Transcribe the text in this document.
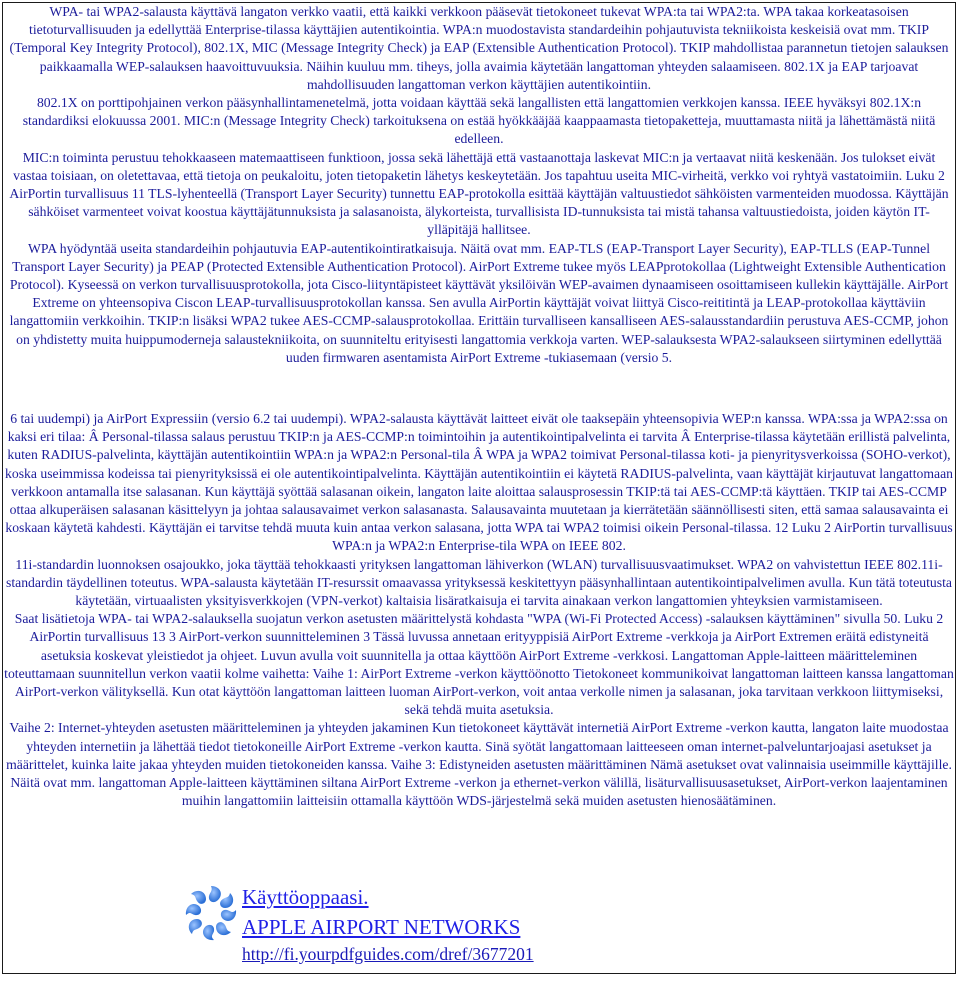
WPA- tai WPA2-salausta käyttävä langaton verkko vaatii, että kaikki verkkoon pääsevät tietokoneet tukevat WPA:ta tai WPA2:ta. WPA takaa korkeatasoisen tietoturvallisuuden ja edellyttää Enterprise-tilassa käyttäjien autentikointia. WPA:n muodostavista standardeihin pohjautuvista tekniikoista keskeisiä ovat mm. TKIP (Temporal Key Integrity Protocol), 802.1X, MIC (Message Integrity Check) ja EAP (Extensible Authentication Protocol). TKIP mahdollistaa parannetun tietojen salauksen paikkaamalla WEP-salauksen haavoittuvuuksia. Näihin kuuluu mm. tiheys, jolla avaimia käytetään langattoman yhteyden salaamiseen. 802.1X ja EAP tarjoavat mahdollisuuden langattoman verkon käyttäjien autentikointiin.

802.1X on porttipohjainen verkon pääsynhallintamenetelmä, jotta voidaan käyttää sekä langallisten että langattomien verkkojen kanssa. IEEE hyväksyi 802.1X:n standardiksi elokuussa 2001. MIC:n (Message Integrity Check) tarkoituksena on estää hyökkääjää kaappaamasta tietopaketteja, muuttamasta niitä ja lähettämästä niitä edelleen.

MIC:n toiminta perustuu tehokkaaseen matemaattiseen funktioon, jossa sekä lähettäjä että vastaanottaja laskevat MIC:n ja vertaavat niitä keskenään. Jos tulokset eivät vastaa toisiaan, on oletettavaa, että tietoja on peukaloitu, joten tietopaketin lähetys keskeytetään. Jos tapahtuu useita MIC-virheitä, verkko voi ryhtyä vastatoimiin. Luku 2 AirPortin turvallisuus 11 TLS-lyhenteellä (Transport Layer Security) tunnettu EAP-protokolla esittää käyttäjän valtuustiedot sähköisten varmenteiden muodossa. Käyttäjän sähköiset varmenteet voivat koostua käyttäjätunnuksista ja salasanoista, älykorteista, turvallisista ID-tunnuksista tai mistä tahansa valtuustiedoista, joiden käytön IT-ylläpitäjä hallitsee.

WPA hyödyntää useita standardeihin pohjautuvia EAP-autentikointiratkaisuja. Näitä ovat mm. EAP-TLS (EAP-Transport Layer Security), EAP-TLLS (EAP-Tunnel Transport Layer Security) ja PEAP (Protected Extensible Authentication Protocol). AirPort Extreme tukee myös LEAPprotokollaa (Lightweight Extensible Authentication Protocol). Kyseessä on verkon turvallisuusprotokolla, jota Cisco-liityntäpisteet käyttävät yksilöivän WEP-avaimen dynaamiseen osoittamiseen kullekin käyttäjälle. AirPort Extreme on yhteensopiva Ciscon LEAP-turvallisuusprotokollan kanssa. Sen avulla AirPortin käyttäjät voivat liittyä Cisco-reititintä ja LEAP-protokollaa käyttäviin langattomiin verkkoihin. TKIP:n lisäksi WPA2 tukee AES-CCMP-salausprotokollaa. Erittäin turvalliseen kansalliseen AES-salausstandardiin perustuva AES-CCMP, johon on yhdistetty muita huippumoderneja salaustekniikoita, on suunniteltu erityisesti langattomia verkkoja varten. WEP-salauksesta WPA2-salaukseen siirtyminen edellyttää uuden firmwaren asentamista AirPort Extreme -tukiasemaan (versio 5.

6 tai uudempi) ja AirPort Expressiin (versio 6.2 tai uudempi). WPA2-salausta käyttävät laitteet eivät ole taaksepäin yhteensopivia WEP:n kanssa. WPA:ssa ja WPA2:ssa on kaksi eri tilaa: Â Personal-tilassa salaus perustuu TKIP:n ja AES-CCMP:n toimintoihin ja autentikointipalvelinta ei tarvita Â Enterprise-tilassa käytetään erillistä palvelinta, kuten RADIUS-palvelinta, käyttäjän autentikointiin WPA:n ja WPA2:n Personal-tila Â WPA ja WPA2 toimivat Personal-tilassa koti- ja pienyritysverkoissa (SOHO-verkot), koska useimmissa kodeissa tai pienyrityksissä ei ole autentikointipalvelinta. Käyttäjän autentikointiin ei käytetä RADIUS-palvelinta, vaan käyttäjät kirjautuvat langattomaan verkkoon antamalla itse salasanan. Kun käyttäjä syöttää salasanan oikein, langaton laite aloittaa salausprosessin TKIP:tä tai AES-CCMP:tä käyttäen. TKIP tai AES-CCMP ottaa alkuperäisen salasanan käsittelyyn ja johtaa salausavaimet verkon salasanasta. Salausavainta muutetaan ja kierrätetään säännöllisesti siten, että samaa salausavainta ei koskaan käytetä kahdesti. Käyttäjän ei tarvitse tehdä muuta kuin antaa verkon salasana, jotta WPA tai WPA2 toimisi oikein Personal-tilassa. 12 Luku 2 AirPortin turvallisuus WPA:n ja WPA2:n Enterprise-tila WPA on IEEE 802.

11i-standardin luonnoksen osajoukko, joka täyttää tehokkaasti yrityksen langattoman lähiverkon (WLAN) turvallisuusvaatimukset. WPA2 on vahvistettun IEEE 802.11i-standardin täydellinen toteutus. WPA-salausta käytetään IT-resurssit omaavassa yrityksessä keskitettyyn pääsynhallintaan autentikointipalvelimen avulla. Kun tätä toteutusta käytetään, virtuaalisten yksityisverkkojen (VPN-verkot) kaltaisia lisäratkaisuja ei tarvita ainakaan verkon langattomien yhteyksien varmistamiseen.

Saat lisätietoja WPA- tai WPA2-salauksella suojatun verkon asetusten määrittelystä kohdasta "WPA (Wi-Fi Protected Access) -salauksen käyttäminen" sivulla 50. Luku 2 AirPortin turvallisuus 13 3 AirPort-verkon suunnitteleminen 3 Tässä luvussa annetaan erityyppisiä AirPort Extreme -verkkoja ja AirPort Extremen eräitä edistyneitä asetuksia koskevat yleistiedot ja ohjeet. Luvun avulla voit suunnitella ja ottaa käyttöön AirPort Extreme -verkkosi. Langattoman Apple-laitteen määritteleminen toteuttamaan suunnitellun verkon vaatii kolme vaihetta: Vaihe 1: AirPort Extreme -verkon käyttöönotto Tietokoneet kommunikoivat langattoman laitteen kanssa langattoman AirPort-verkon välityksellä. Kun otat käyttöön langattoman laitteen luoman AirPort-verkon, voit antaa verkolle nimen ja salasanan, joka tarvitaan verkkoon liittymiseksi, sekä tehdä muita asetuksia.

Vaihe 2: Internet-yhteyden asetusten määritteleminen ja yhteyden jakaminen Kun tietokoneet käyttävät internetiä AirPort Extreme -verkon kautta, langaton laite muodostaa yhteyden internetiin ja lähettää tiedot tietokoneille AirPort Extreme -verkon kautta. Sinä syötät langattomaan laitteeseen oman internet-palveluntarjoajasi asetukset ja määrittelet, kuinka laite jakaa yhteyden muiden tietokoneiden kanssa. Vaihe 3: Edistyneiden asetusten määrittäminen Nämä asetukset ovat valinnaisia useimmille käyttäjille. Näitä ovat mm. langattoman Apple-laitteen käyttäminen siltana AirPort Extreme -verkon ja ethernet-verkon välillä, lisäturvallisuusasetukset, AirPort-verkon laajentaminen muihin langattomiin laitteisiin ottamalla käyttöön WDS-järjestelmä sekä muiden asetusten hienosäätäminen.

Käyttöoppaasi.
APPLE AIRPORT NETWORKS
http://fi.yourpdfguides.com/dref/3677201
